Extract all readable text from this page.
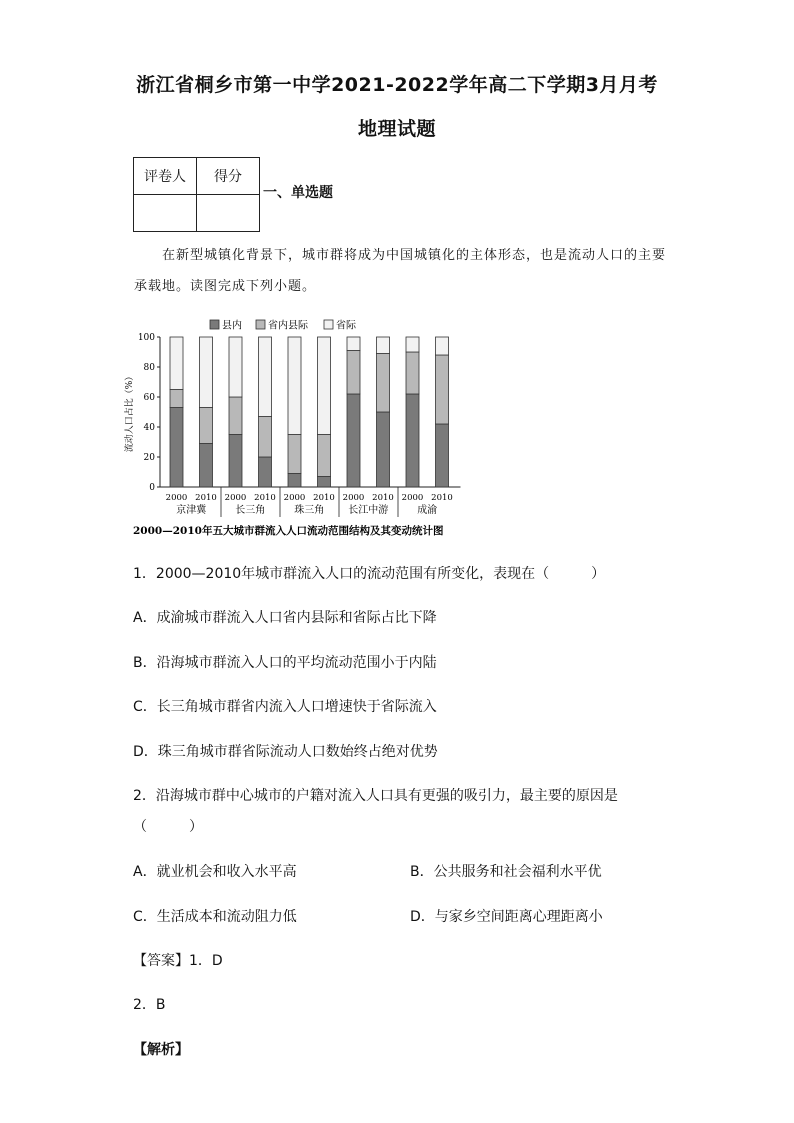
浙江省桐乡市第一中学2021-2022学年高二下学期3月月考
地理试题
评卷人	得分

一、单选题
在新型城镇化背景下，城市群将成为中国城镇化的主体形态，也是流动人口的主要
承载地。读图完成下列小题。
0
20
40
60
80
100
流动人口占比（%）
2000 2010 2000 2010 2000 2010 2000 2010 2000 2010
京津冀	长三角	珠三角 长江中游	成渝
县内	省内县际	省际
2000—2010年五大城市群流入人口流动范围结构及其变动统计图
1．2000—2010年城市群流入人口的流动范围有所变化，表现在（　　　）
A．成渝城市群流入人口省内县际和省际占比下降
B．沿海城市群流入人口的平均流动范围小于内陆
C．长三角城市群省内流入人口增速快于省际流入
D．珠三角城市群省际流动人口数始终占绝对优势
2．沿海城市群中心城市的户籍对流入人口具有更强的吸引力，最主要的原因是
（　　　）
A．就业机会和收入水平高	B．公共服务和社会福利水平优
C．生活成本和流动阻力低	D．与家乡空间距离心理距离小
【答案】1．D
2．B
【解析】
